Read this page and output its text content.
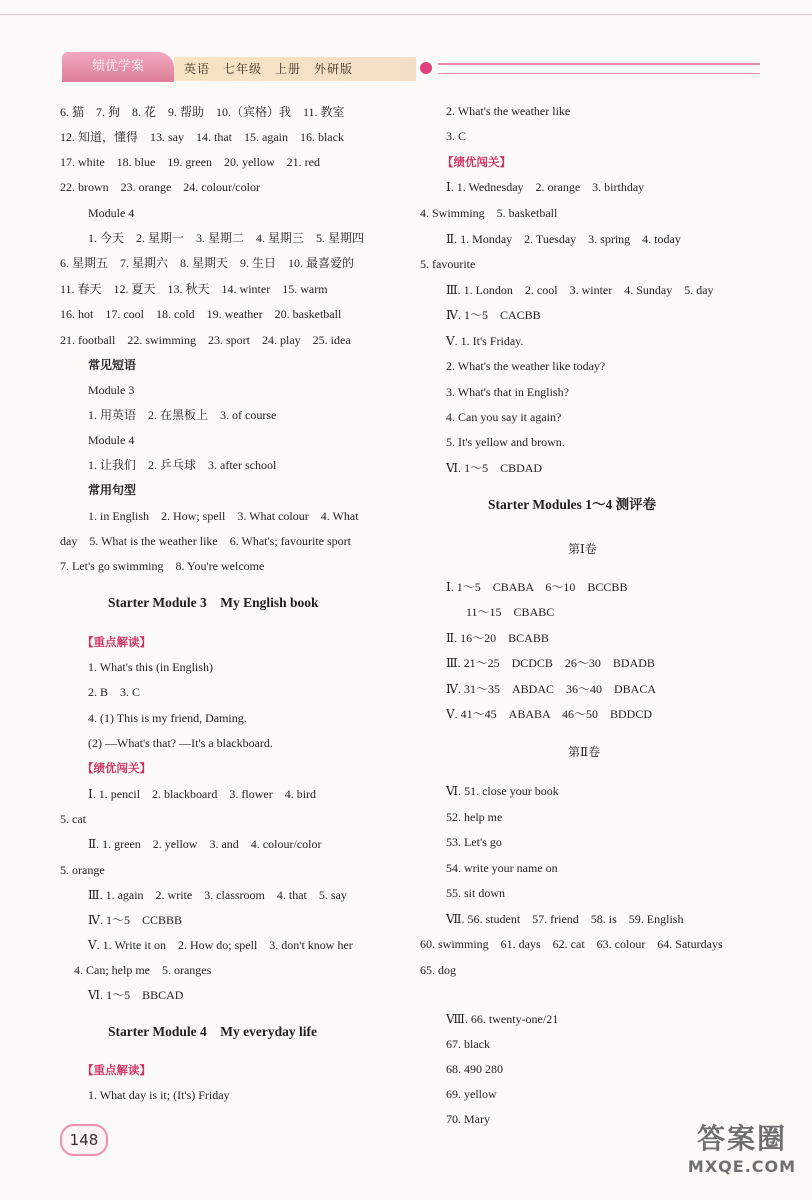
绩优学案	英语　七年级　上册　外研版
6. 猫　7. 狗　8. 花　9. 帮助　10.（宾格）我　11. 教室
12. 知道，懂得　13. say　14. that　15. again　16. black
17. white　18. blue　19. green　20. yellow　21. red
22. brown　23. orange　24. colour/color
Module 4
1. 今天　2. 星期一　3. 星期二　4. 星期三　5. 星期四
6. 星期五　7. 星期六　8. 星期天　9. 生日　10. 最喜爱的
11. 春天　12. 夏天　13. 秋天　14. winter　15. warm
16. hot　17. cool　18. cold　19. weather　20. basketball
21. football　22. swimming　23. sport　24. play　25. idea
常见短语
Module 3
1. 用英语　2. 在黑板上　3. of course
Module 4
1. 让我们　2. 乒乓球　3. after school
常用句型
1. in English　2. How; spell　3. What colour　4. What
day　5. What is the weather like　6. What's; favourite sport
7. Let's go swimming　8. You're welcome
Starter Module 3　My English book
【重点解读】
1. What's this (in English)
2. B　3. C
4. (1) This is my friend, Daming.
(2) —What's that? —It's a blackboard.
【绩优闯关】
Ⅰ. 1. pencil　2. blackboard　3. flower　4. bird
5. cat
Ⅱ. 1. green　2. yellow　3. and　4. colour/color
5. orange
Ⅲ. 1. again　2. write　3. classroom　4. that　5. say
Ⅳ. 1～5　CCBBB
Ⅴ. 1. Write it on　2. How do; spell　3. don't know her
4. Can; help me　5. oranges
Ⅵ. 1～5　BBCAD
Starter Module 4　My everyday life
【重点解读】
1. What day is it; (It's) Friday
2. What's the weather like
3. C
【绩优闯关】
Ⅰ. 1. Wednesday　2. orange　3. birthday
4. Swimming　5. basketball
Ⅱ. 1. Monday　2. Tuesday　3. spring　4. today
5. favourite
Ⅲ. 1. London　2. cool　3. winter　4. Sunday　5. day
Ⅳ. 1～5　CACBB
Ⅴ. 1. It's Friday.
2. What's the weather like today?
3. What's that in English?
4. Can you say it again?
5. It's yellow and brown.
Ⅵ. 1～5　CBDAD
Starter Modules 1～4 测评卷
第Ⅰ卷
Ⅰ. 1～5　CBABA　6～10　BCCBB
11～15　CBABC
Ⅱ. 16～20　BCABB
Ⅲ. 21～25　DCDCB　26～30　BDADB
Ⅳ. 31～35　ABDAC　36～40　DBACA
Ⅴ. 41～45　ABABA　46～50　BDDCD
第Ⅱ卷
Ⅵ. 51. close your book
52. help me
53. Let's go
54. write your name on
55. sit down
Ⅶ. 56. student　57. friend　58. is　59. English
60. swimming　61. days　62. cat　63. colour　64. Saturdays
65. dog
Ⅷ. 66. twenty-one/21
67. black
68. 490 280
69. yellow
70. Mary
148	答案圈
MXQE.COM
